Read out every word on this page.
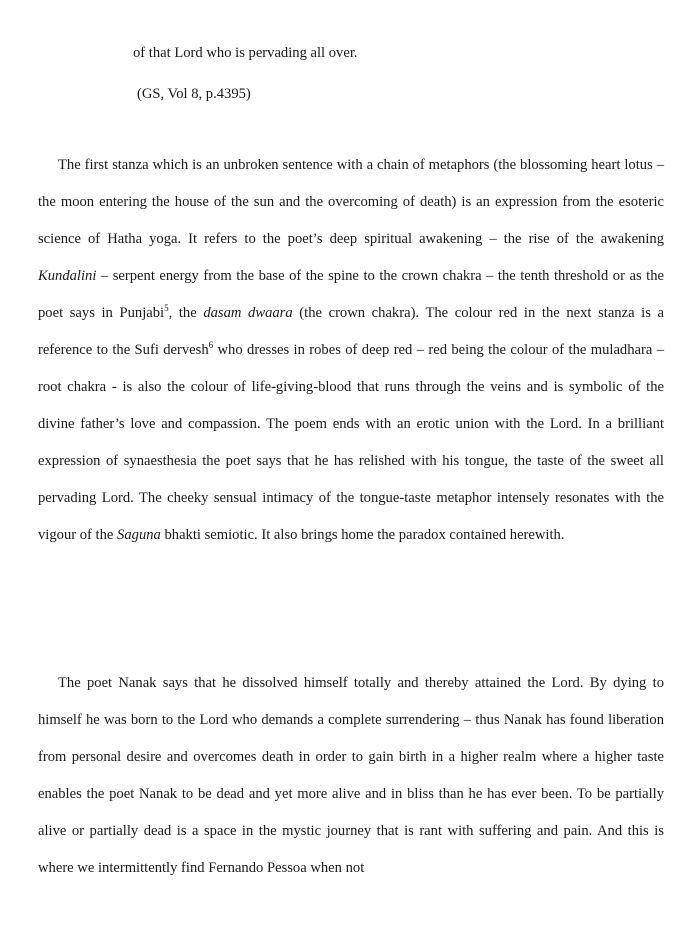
of that Lord who is pervading all over.

(GS, Vol 8, p.4395)

The first stanza which is an unbroken sentence with a chain of metaphors (the blossoming heart lotus – the moon entering the house of the sun and the overcoming of death) is an expression from the esoteric science of Hatha yoga. It refers to the poet’s deep spiritual awakening – the rise of the awakening Kundalini – serpent energy from the base of the spine to the crown chakra – the tenth threshold or as the poet says in Punjabi$^5$, the dasam dwaara (the crown chakra). The colour red in the next stanza is a reference to the Sufi dervesh$^6$ who dresses in robes of deep red – red being the colour of the muladhara – root chakra - is also the colour of life-giving-blood that runs through the veins and is symbolic of the divine father’s love and compassion. The poem ends with an erotic union with the Lord. In a brilliant expression of synaesthesia the poet says that he has relished with his tongue, the taste of the sweet all pervading Lord. The cheeky sensual intimacy of the tongue-taste metaphor intensely resonates with the vigour of the Saguna bhakti semiotic. It also brings home the paradox contained herewith.

The poet Nanak says that he dissolved himself totally and thereby attained the Lord. By dying to himself he was born to the Lord who demands a complete surrendering – thus Nanak has found liberation from personal desire and overcomes death in order to gain birth in a higher realm where a higher taste enables the poet Nanak to be dead and yet more alive and in bliss than he has ever been. To be partially alive or partially dead is a space in the mystic journey that is rant with suffering and pain. And this is where we intermittently find Fernando Pessoa when not
